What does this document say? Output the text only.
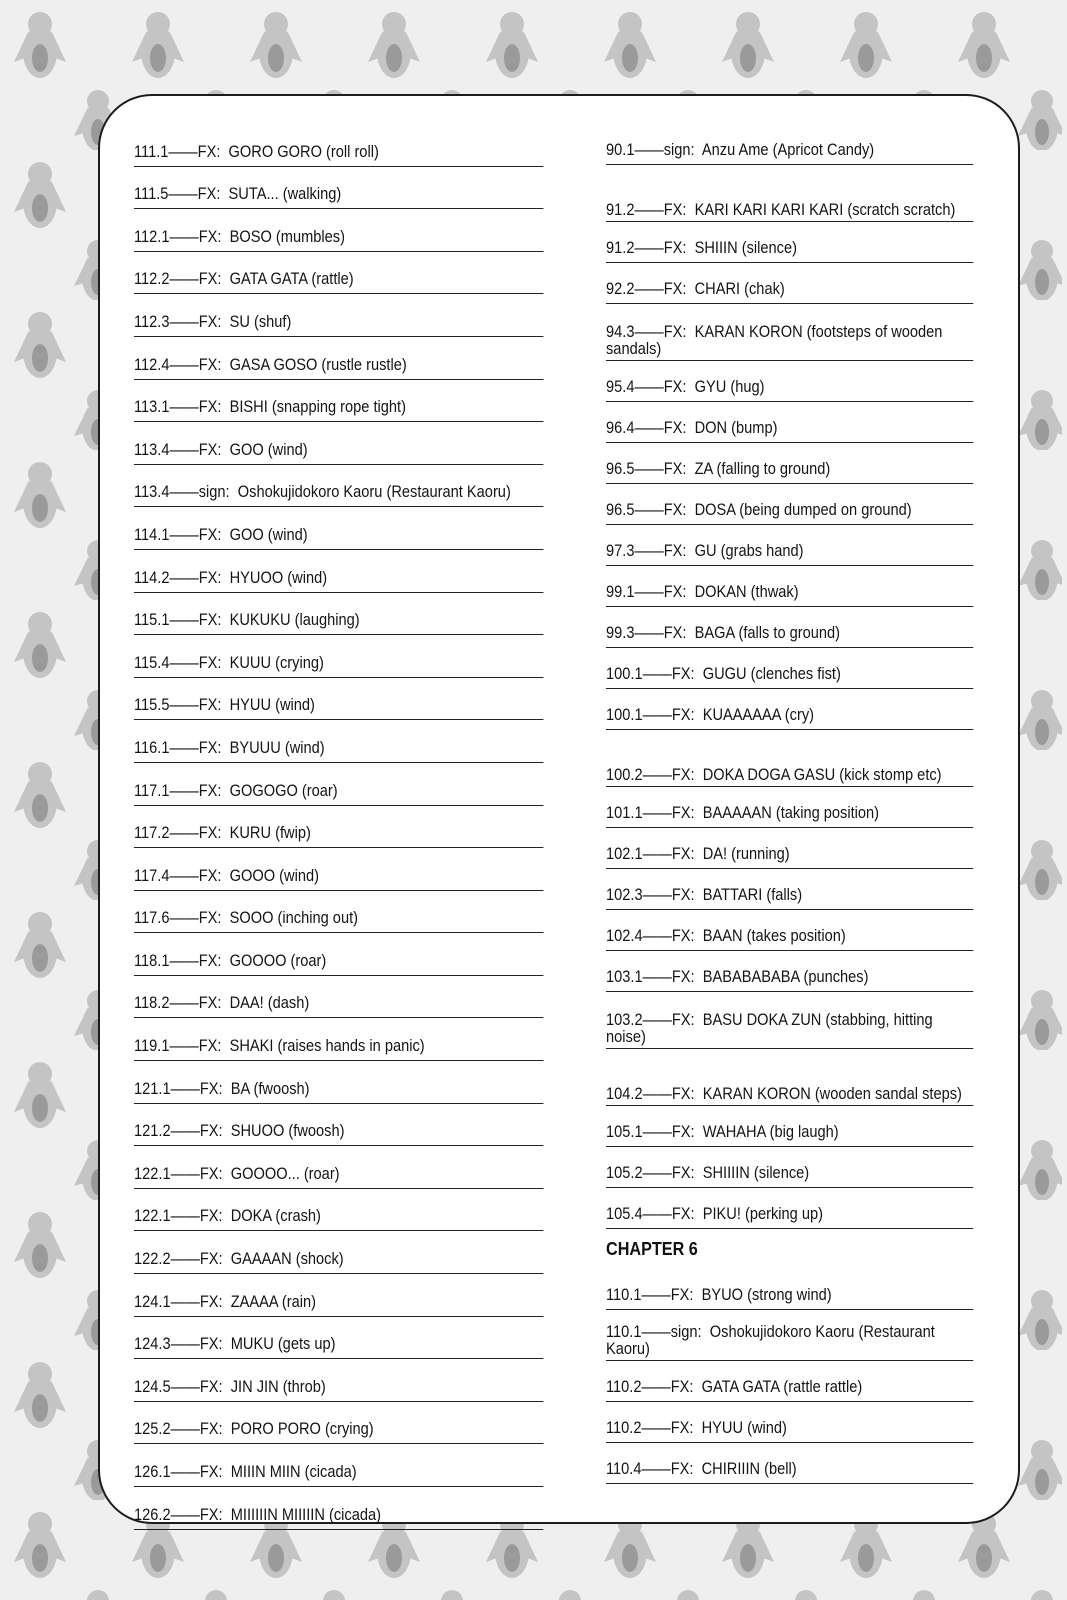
111.1——FX: GORO GORO (roll roll)
111.5——FX: SUTA... (walking)
112.1——FX: BOSO (mumbles)
112.2——FX: GATA GATA (rattle)
112.3——FX: SU (shuf)
112.4——FX: GASA GOSO (rustle rustle)
113.1——FX: BISHI (snapping rope tight)
113.4——FX: GOO (wind)
113.4——sign: Oshokujidokoro Kaoru (Restaurant Kaoru)
114.1——FX: GOO (wind)
114.2——FX: HYUOO (wind)
115.1——FX: KUKUKU (laughing)
115.4——FX: KUUU (crying)
115.5——FX: HYUU (wind)
116.1——FX: BYUUU (wind)
117.1——FX: GOGOGO (roar)
117.2——FX: KURU (fwip)
117.4——FX: GOOO (wind)
117.6——FX: SOOO (inching out)
118.1——FX: GOOOO (roar)
118.2——FX: DAA! (dash)
119.1——FX: SHAKI (raises hands in panic)
121.1——FX: BA (fwoosh)
121.2——FX: SHUOO (fwoosh)
122.1——FX: GOOOO... (roar)
122.1——FX: DOKA (crash)
122.2——FX: GAAAAN (shock)
124.1——FX: ZAAAA (rain)
124.3——FX: MUKU (gets up)
124.5——FX: JIN JIN (throb)
125.2——FX: PORO PORO (crying)
126.1——FX: MIIIN MIIN (cicada)
126.2——FX: MIIIIIIN MIIIIIN (cicada)
90.1——sign: Anzu Ame (Apricot Candy)
91.2——FX: KARI KARI KARI KARI (scratch scratch)
91.2——FX: SHIIIN (silence)
92.2——FX: CHARI (chak)
94.3——FX: KARAN KORON (footsteps of wooden sandals)
95.4——FX: GYU (hug)
96.4——FX: DON (bump)
96.5——FX: ZA (falling to ground)
96.5——FX: DOSA (being dumped on ground)
97.3——FX: GU (grabs hand)
99.1——FX: DOKAN (thwak)
99.3——FX: BAGA (falls to ground)
100.1——FX: GUGU (clenches fist)
100.1——FX: KUAAAAAA (cry)
100.2——FX: DOKA DOGA GASU (kick stomp etc)
101.1——FX: BAAAAAN (taking position)
102.1——FX: DA! (running)
102.3——FX: BATTARI (falls)
102.4——FX: BAAN (takes position)
103.1——FX: BABABABABA (punches)
103.2——FX: BASU DOKA ZUN (stabbing, hitting noise)
104.2——FX: KARAN KORON (wooden sandal steps)
105.1——FX: WAHAHA (big laugh)
105.2——FX: SHIIIIN (silence)
105.4——FX: PIKU! (perking up)
CHAPTER 6
110.1——FX: BYUO (strong wind)
110.1——sign: Oshokujidokoro Kaoru (Restaurant Kaoru)
110.2——FX: GATA GATA (rattle rattle)
110.2——FX: HYUU (wind)
110.4——FX: CHIRIIIN (bell)
